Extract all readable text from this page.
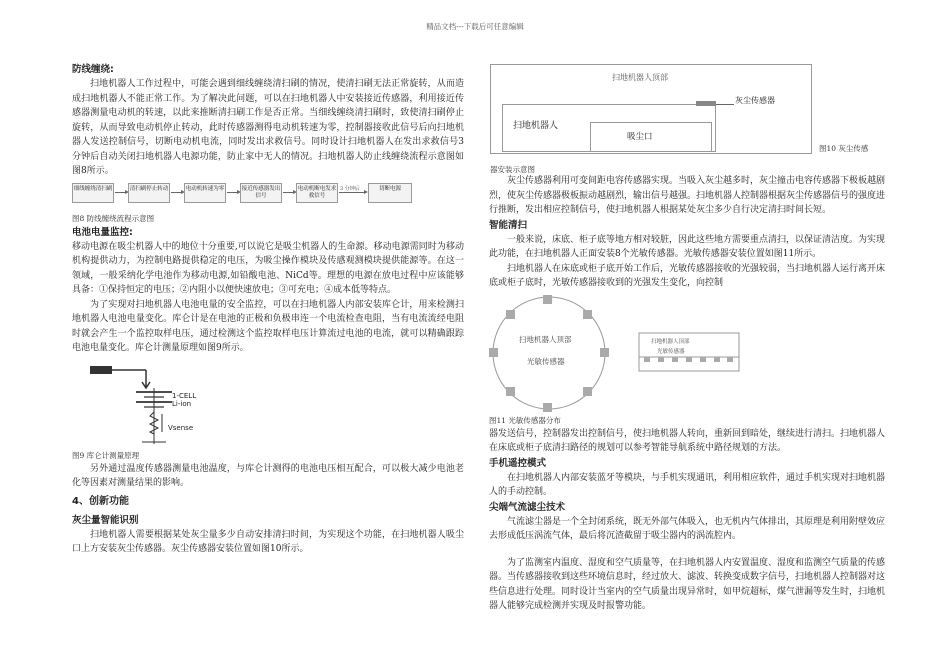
精品文档---下载后可任意编辑
防线缠绕:
扫地机器人工作过程中，可能会遇到细线缠绕清扫刷的情况，使清扫刷无法正常旋转，从而造成扫地机器人不能正常工作。为了解决此问题，可以在扫地机器人中安装接近传感器，利用接近传感器测量电动机的转速，以此来推断清扫刷工作是否正常。当细线缠绕清扫刷时，致使清扫刷停止旋转，从而导致电动机停止转动，此时传感器测得电动机转速为零，控制器接收此信号后向扫地机器人发送控制信号，切断电动机电流，同时发出求救信号。同时设计扫地机器人在发出求救信号3分钟后自动关闭扫地机器人电源功能，防止家中无人的情况。扫地机器人防止线缠绕流程示意图如图8所示。
细线缠绕清扫刷	清扫刷停止转动	电动机转速为零	接近传感器发出信号
电动机断电发求救信号
3 分钟后	切断电源
图8 防线缠绕流程示意图
电池电量监控:
移动电源在吸尘机器人中的地位十分重要,可以说它是吸尘机器人的生命源。移动电源需同时为移动机构提供动力，为控制电路提供稳定的电压，为吸尘操作模块及传感观测模块提供能源等。在这一领域，一般采纳化学电池作为移动电源,如铅酸电池、NiCd等。理想的电源在放电过程中应该能够具备：①保持恒定的电压；②内阻小以便快速放电；③可充电；④成本低等特点。
为了实现对扫地机器人电池电量的安全监控，可以在扫地机器人内部安装库仑计，用来检测扫地机器人电池电量变化。库仑计是在电池的正极和负极串连一个电流检查电阻，当有电流流经电阻时就会产生一个监控取样电压，通过检测这个监控取样电压计算流过电池的电流，就可以精确跟踪电池电量变化。库仑计测量原理如图9所示。
1-CELL
Li-ion
Vsense
图9 库仑计测量原理
另外通过温度传感器测量电池温度，与库仑计测得的电池电压相互配合，可以极大减少电池老化等因素对测量结果的影响。
4、创新功能
灰尘量智能识别
扫地机器人需要根据某处灰尘量多少自动安排清扫时间，为实现这个功能，在扫地机器人吸尘口上方安装灰尘传感器。灰尘传感器安装位置如图10所示。
扫地机器人顶部
扫地机器人
吸尘口
灰尘传感器
图10 灰尘传感
器安装示意图
灰尘传感器利用可变间距电容传感器实现。当吸入灰尘越多时，灰尘撞击电容传感器下极板越剧烈，使灰尘传感器极板振动越剧烈，输出信号越强。扫地机器人控制器根据灰尘传感器信号的强度进行推断，发出相应控制信号，使扫地机器人根据某处灰尘多少自行决定清扫时间长短。
智能清扫
一般来说，床底、柜子底等地方相对较脏，因此这些地方需要重点清扫，以保证清洁度。为实现此功能，在扫地机器人正面安装8个光敏传感器。光敏传感器安装位置如图11所示。
扫地机器人在床底或柜子底开始工作后，光敏传感器接收的光强较弱，当扫地机器人运行离开床底或柜子底时，光敏传感器接收到的光强发生变化，向控制
扫地机器人顶部
光敏传感器
扫地机器人顶部
光敏传感器
图11 光敏传感器分布
器发送信号，控制器发出控制信号，使扫地机器人转向，重新回到暗处，继续进行清扫。扫地机器人在床底或柜子底清扫路径的规划可以参考智能导航系统中路径规划的方法。
手机遥控模式
在扫地机器人内部安装蓝牙等模块，与手机实现通讯，利用相应软件，通过手机实现对扫地机器人的手动控制。
尖端气流滤尘技术
气流滤尘器是一个全封闭系统，既无外部气体吸入，也无机内气体排出，其原理是利用附壁效应去形成低压涡流气体，最后将沉渣截留于吸尘器内的涡流腔内。
为了监测室内温度、湿度和空气质量等，在扫地机器人内安置温度、湿度和监测空气质量的传感器。当传感器接收到这些环境信息时，经过放大、滤波、转换变成数字信号，扫地机器人控制器对这些信息进行处理。同时设计当室内的空气质量出现异常时，如甲烷超标，煤气泄漏等发生时，扫地机器人能够完成检测并实现及时报警功能。
